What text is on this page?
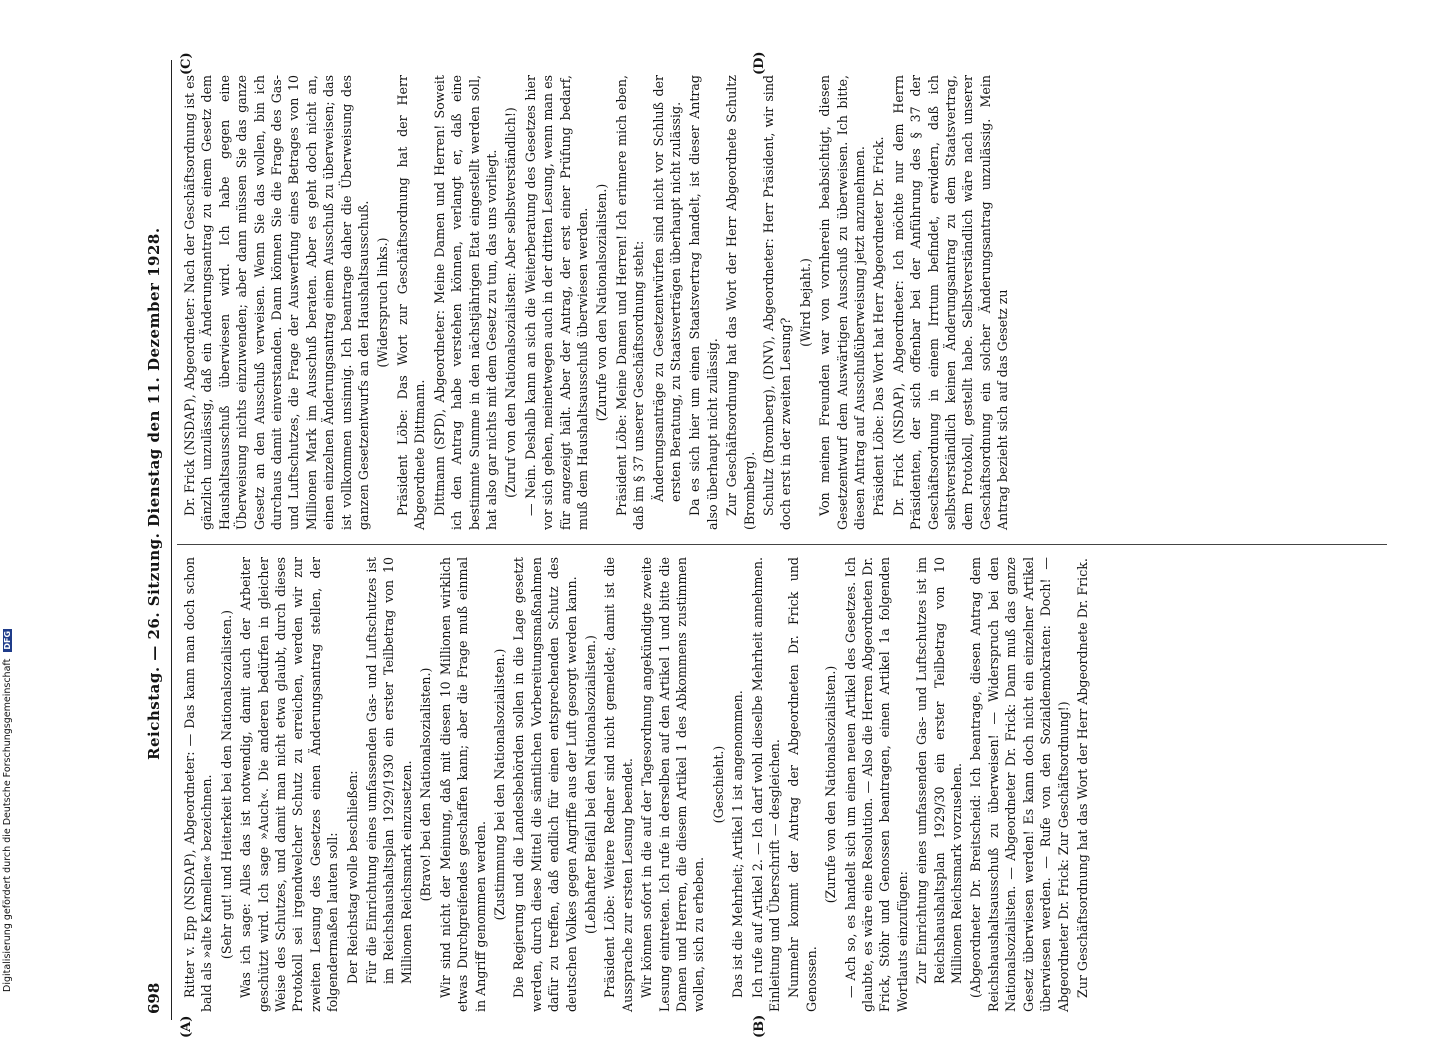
698
Reichstag. — 26. Sitzung. Dienstag den 11. Dezember 1928.
(A)	(B)
(C)	(D)

Ritter v. Epp (NSDAP), Abgeordneter: — Das kann man doch schon bald als »alte Kamellen« bezeichnen. (Sehr gut! und Heiterkeit bei den Nationalsozialisten.) Was ich sage: Alles das ist notwendig, damit auch der Arbeiter geschützt wird. Ich sage »Auch«. Die anderen bedürfen in gleicher Weise des Schutzes, und damit man nicht etwa glaubt, durch dieses Protokoll sei irgendwelcher Schutz zu erreichen, werden wir zur zweiten Lesung des Gesetzes einen Änderungsantrag stellen, der folgendermaßen lauten soll: Der Reichstag wolle beschließen: Für die Einrichtung eines umfassenden Gas- und Luftschutzes ist im Reichshaushaltsplan 1929/1930 ein erster Teilbetrag von 10 Millionen Reichsmark einzusetzen. (Bravo! bei den Nationalsozialisten.) Wir sind nicht der Meinung, daß mit diesen 10 Millionen wirklich etwas Durchgreifendes geschaffen kann; aber die Frage muß einmal in Angriff genommen werden. (Zustimmung bei den Nationalsozialisten.) Die Regierung und die Landesbehörden sollen in die Lage gesetzt werden, durch diese Mittel die sämtlichen Vorbereitungsmaßnahmen dafür zu treffen, daß endlich für einen entsprechenden Schutz des deutschen Volkes gegen Angriffe aus der Luft gesorgt werden kann. (Lebhafter Beifall bei den Nationalsozialisten.) Präsident Löbe: Weitere Redner sind nicht gemeldet; damit ist die Aussprache zur ersten Lesung beendet. Wir können sofort in die auf der Tagesordnung angekündigte zweite Lesung eintreten. Ich rufe in derselben auf den Artikel 1 und bitte die Damen und Herren, die diesem Artikel 1 des Abkommens zustimmen wollen, sich zu erheben.

(Geschieht.) Das ist die Mehrheit; Artikel 1 ist angenommen. Ich rufe auf Artikel 2. — Ich darf wohl dieselbe Mehrheit annehmen. Einleitung und Überschrift — desgleichen. Nunmehr kommt der Antrag der Abgeordneten Dr. Frick und Genossen.

(Zurufe von den Nationalsozialisten.) — Ach so, es handelt sich um einen neuen Artikel des Gesetzes. Ich glaubte, es wäre eine Resolution. — Also die Herren Abgeordneten Dr. Frick, Stöhr und Genossen beantragen, einen Artikel 1a folgenden Wortlauts einzufügen: Zur Einrichtung eines umfassenden Gas- und Luftschutzes ist im Reichshaushaltsplan 1929/30 ein erster Teilbetrag von 10 Millionen Reichsmark vorzusehen. (Abgeordneter Dr. Breitscheid: Ich beantrage, diesen Antrag dem Reichshaushaltsausschuß zu überweisen! — Widerspruch bei den Nationalsozialisten. — Abgeordneter Dr. Frick: Dann muß das ganze Gesetz überwiesen werden! Es kann doch nicht ein einzelner Artikel überwiesen werden. — Rufe von den Sozialdemokraten: Doch! — Abgeordneter Dr. Frick: Zur Geschäftsordnung!) Zur Geschäftsordnung hat das Wort der Herr Abgeordnete Dr. Frick.

Dr. Frick (NSDAP), Abgeordneter: Nach der Geschäftsordnung ist es gänzlich unzulässig, daß ein Änderungsantrag zu einem Gesetz dem Haushaltsausschuß überwiesen wird. Ich habe gegen eine Überweisung nichts einzuwenden; aber dann müssen Sie das ganze Gesetz an den Ausschuß verweisen. Wenn Sie das wollen, bin ich durchaus damit einverstanden. Dann können Sie die Frage des Gas- und Luftschutzes, die Frage der Auswerfung eines Betrages von 10 Millionen Mark im Ausschuß beraten. Aber es geht doch nicht an, einen einzelnen Änderungsantrag einem Ausschuß zu überweisen; das ist vollkommen unsinnig. Ich beantrage daher die Überweisung des ganzen Gesetzentwurfs an den Haushaltsausschuß. (Widerspruch links.) Präsident Löbe: Das Wort zur Geschäftsordnung hat der Herr Abgeordnete Dittmann. Dittmann (SPD), Abgeordneter: Meine Damen und Herren! Soweit ich den Antrag habe verstehen können, verlangt er, daß eine bestimmte Summe in den nächstjährigen Etat eingestellt werden soll, hat also gar nichts mit dem Gesetz zu tun, das uns vorliegt. (Zuruf von den Nationalsozialisten: Aber selbstverständlich!) — Nein. Deshalb kann an sich die Weiterberatung des Gesetzes hier vor sich gehen, meinetwegen auch in der dritten Lesung, wenn man es für angezeigt hält. Aber der Antrag, der erst einer Prüfung bedarf, muß dem Haushaltsausschuß überwiesen werden. (Zurufe von den Nationalsozialisten.) Präsident Löbe: Meine Damen und Herren! Ich erinnere mich eben, daß im § 37 unserer Geschäftsordnung steht: Änderungsanträge zu Gesetzentwürfen sind nicht vor Schluß der ersten Beratung, zu Staatsverträgen überhaupt nicht zulässig. Da es sich hier um einen Staatsvertrag handelt, ist dieser Antrag also überhaupt nicht zulässig. Zur Geschäftsordnung hat das Wort der Herr Abgeordnete Schultz (Bromberg). Schultz (Bromberg), (DNV), Abgeordneter: Herr Präsident, wir sind doch erst in der zweiten Lesung?

(Wird bejaht.) Von meinen Freunden war von vornherein beabsichtigt, diesen Gesetzentwurf dem Auswärtigen Ausschuß zu überweisen. Ich bitte, diesen Antrag auf Ausschußüberweisung jetzt anzunehmen. Präsident Löbe: Das Wort hat Herr Abgeordneter Dr. Frick. Dr. Frick (NSDAP), Abgeordneter: Ich möchte nur dem Herrn Präsidenten, der sich offenbar bei der Anführung des § 37 der Geschäftsordnung in einem Irrtum befindet, erwidern, daß ich selbstverständlich keinen Änderungsantrag zu dem Staatsvertrag, dem Protokoll, gestellt habe. Selbstverständlich wäre nach unserer Geschäftsordnung ein solcher Änderungsantrag unzulässig. Mein Antrag bezieht sich auf das Gesetz zu

Digitalisierung gefördert durch die Deutsche Forschungsgemeinschaft DFG
